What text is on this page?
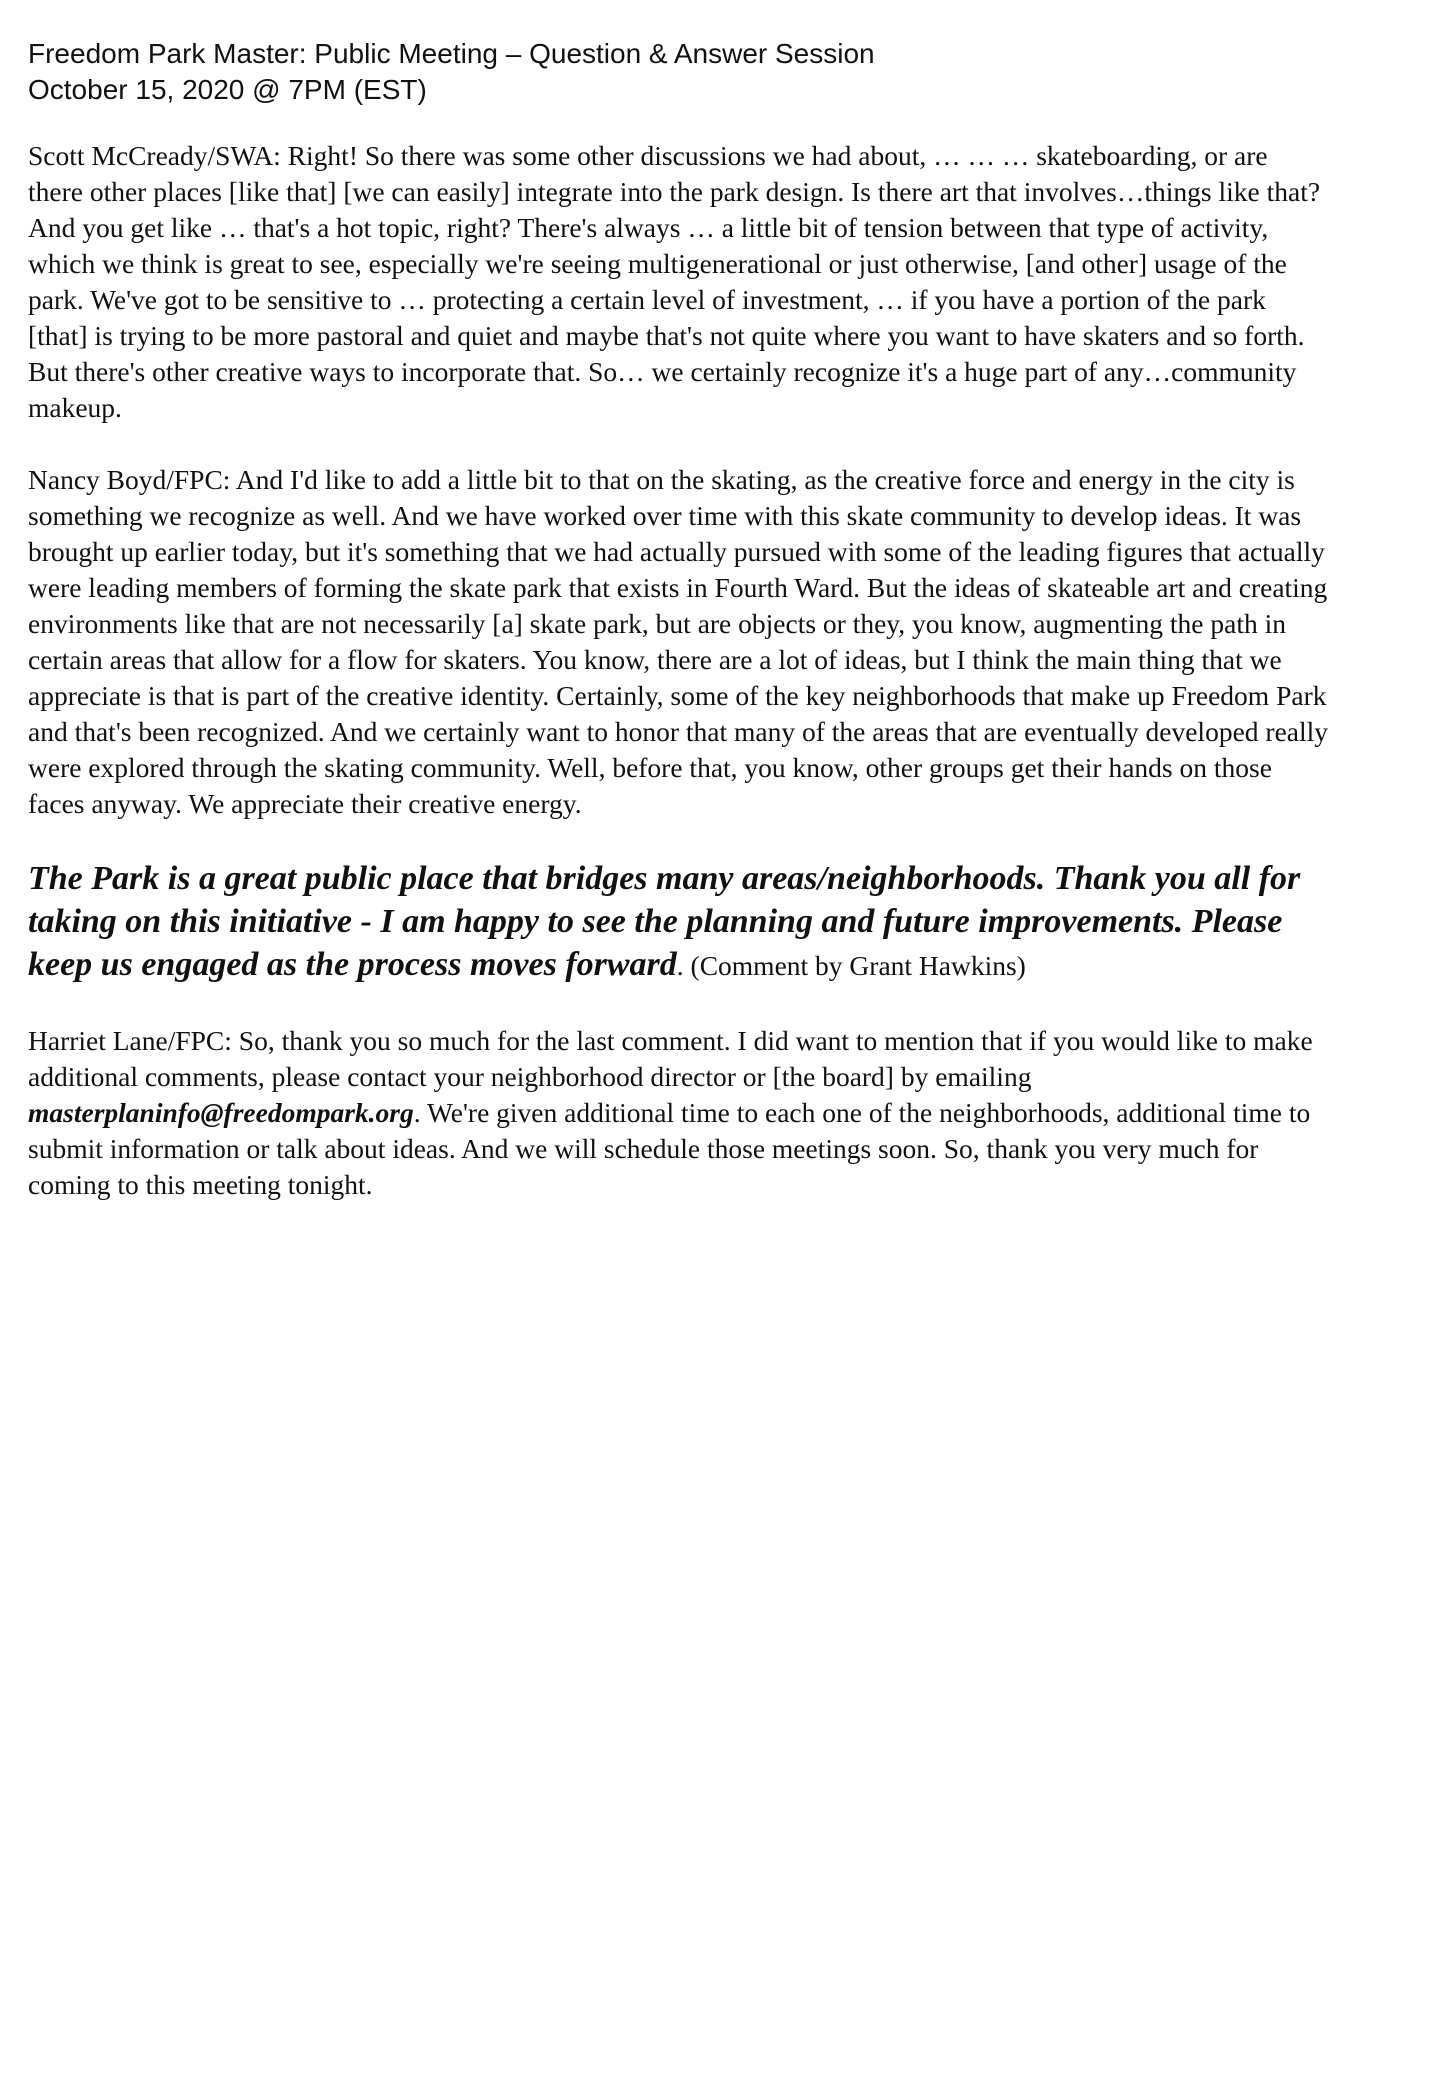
Freedom Park Master: Public Meeting – Question & Answer Session
October 15, 2020 @ 7PM (EST)

Scott McCready/SWA: Right! So there was some other discussions we had about, … … … skateboarding, or are there other places [like that] [we can easily] integrate into the park design. Is there art that involves…things like that? And you get like … that's a hot topic, right? There's always … a little bit of tension between that type of activity, which we think is great to see, especially we're seeing multigenerational or just otherwise, [and other] usage of the park. We've got to be sensitive to … protecting a certain level of investment, … if you have a portion of the park [that] is trying to be more pastoral and quiet and maybe that's not quite where you want to have skaters and so forth. But there's other creative ways to incorporate that. So… we certainly recognize it's a huge part of any…community makeup.

Nancy Boyd/FPC: And I'd like to add a little bit to that on the skating, as the creative force and energy in the city is something we recognize as well. And we have worked over time with this skate community to develop ideas. It was brought up earlier today, but it's something that we had actually pursued with some of the leading figures that actually were leading members of forming the skate park that exists in Fourth Ward. But the ideas of skateable art and creating environments like that are not necessarily [a] skate park, but are objects or they, you know, augmenting the path in certain areas that allow for a flow for skaters. You know, there are a lot of ideas, but I think the main thing that we appreciate is that is part of the creative identity. Certainly, some of the key neighborhoods that make up Freedom Park and that's been recognized. And we certainly want to honor that many of the areas that are eventually developed really were explored through the skating community. Well, before that, you know, other groups get their hands on those faces anyway. We appreciate their creative energy.

The Park is a great public place that bridges many areas/neighborhoods. Thank you all for taking on this initiative - I am happy to see the planning and future improvements. Please keep us engaged as the process moves forward. (Comment by Grant Hawkins)

Harriet Lane/FPC: So, thank you so much for the last comment. I did want to mention that if you would like to make additional comments, please contact your neighborhood director or [the board] by emailing masterplaninfo@freedompark.org. We're given additional time to each one of the neighborhoods, additional time to submit information or talk about ideas. And we will schedule those meetings soon. So, thank you very much for coming to this meeting tonight.
